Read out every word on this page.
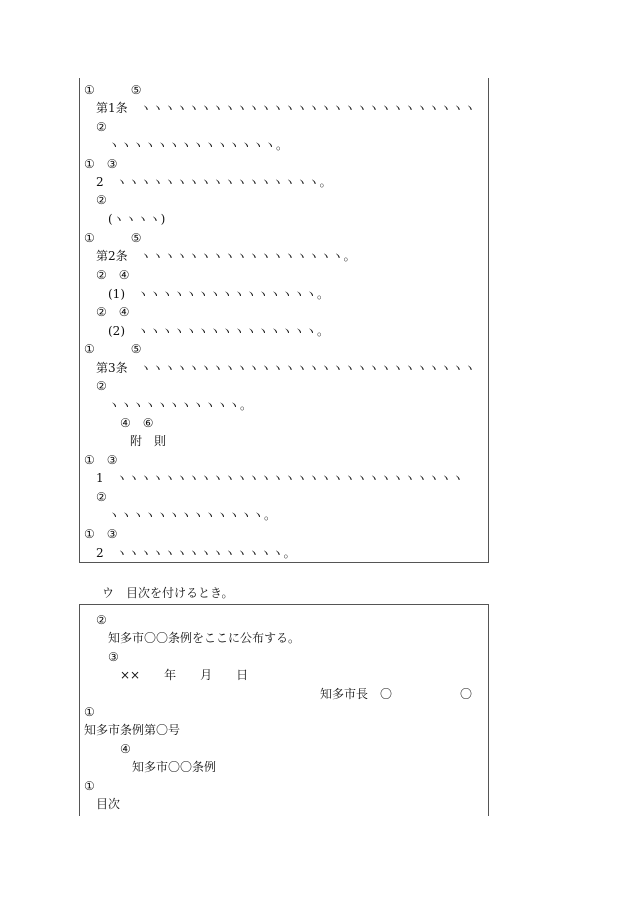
①　　　⑤
第1条　ヽヽヽヽヽヽヽヽヽヽヽヽヽヽヽヽヽヽヽヽヽヽヽヽヽヽヽヽ
②
ヽヽヽヽヽヽヽヽヽヽヽヽヽヽ。
①　③
2　ヽヽヽヽヽヽヽヽヽヽヽヽヽヽヽヽヽ。
②
(ヽヽヽヽ)
①　　　⑤
第2条　ヽヽヽヽヽヽヽヽヽヽヽヽヽヽヽヽヽ。
②　④
(1)　ヽヽヽヽヽヽヽヽヽヽヽヽヽヽヽ。
②　④
(2)　ヽヽヽヽヽヽヽヽヽヽヽヽヽヽヽ。
①　　　⑤
第3条　ヽヽヽヽヽヽヽヽヽヽヽヽヽヽヽヽヽヽヽヽヽヽヽヽヽヽヽヽ
②
ヽヽヽヽヽヽヽヽヽヽヽ。
④　⑥
附　則
①　③
1　ヽヽヽヽヽヽヽヽヽヽヽヽヽヽヽヽヽヽヽヽヽヽヽヽヽヽヽヽヽ
②
ヽヽヽヽヽヽヽヽヽヽヽヽヽ。
①　③
2　ヽヽヽヽヽヽヽヽヽヽヽヽヽヽ。
ウ　目次を付けるとき。
②
知多市〇〇条例をここに公布する。
③
××　　年　　月　　日
知多市長　〇	〇
①
知多市条例第〇号
④
知多市〇〇条例
①
目次
